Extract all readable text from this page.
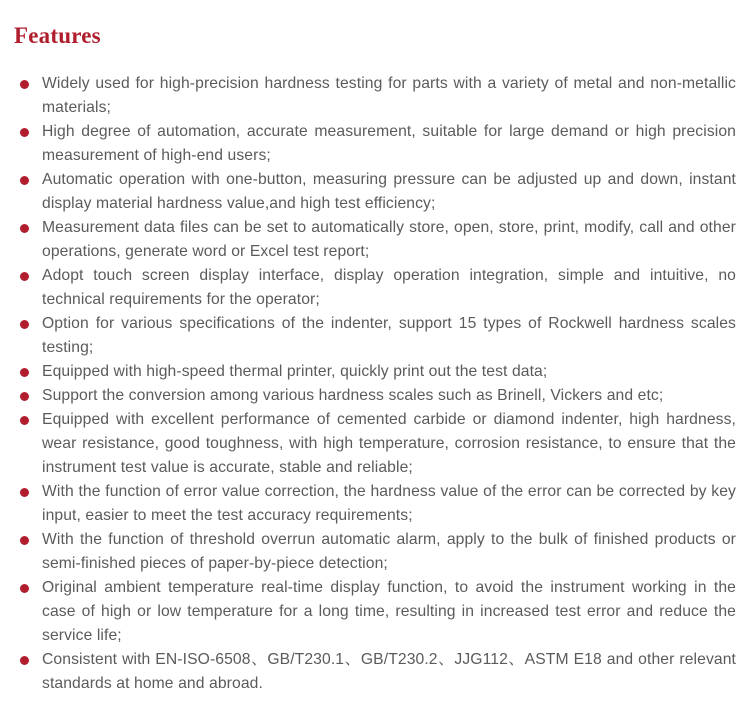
Features
Widely used for high-precision hardness testing for parts with a variety of metal and non-metallic materials;
High degree of automation, accurate measurement, suitable for large demand or high precision measurement of high-end users;
Automatic operation with one-button, measuring pressure can be adjusted up and down, instant display material hardness value,and high test efficiency;
Measurement data files can be set to automatically store, open, store, print, modify, call and other operations, generate word or Excel test report;
Adopt touch screen display interface, display operation integration, simple and intuitive, no technical requirements for the operator;
Option for various specifications of the indenter, support 15 types of Rockwell hardness scales testing;
Equipped with high-speed thermal printer, quickly print out the test data;
Support the conversion among various hardness scales such as Brinell, Vickers and etc;
Equipped with excellent performance of cemented carbide or diamond indenter, high hardness, wear resistance, good toughness, with high temperature, corrosion resistance, to ensure that the instrument test value is accurate, stable and reliable;
With the function of error value correction, the hardness value of the error can be corrected by key input, easier to meet the test accuracy requirements;
With the function of threshold overrun automatic alarm, apply to the bulk of finished products or semi-finished pieces of paper-by-piece detection;
Original ambient temperature real-time display function, to avoid the instrument working in the case of high or low temperature for a long time, resulting in increased test error and reduce the service life;
Consistent with EN-ISO-6508、GB/T230.1、GB/T230.2、JJG112、ASTM E18 and other relevant standards at home and abroad.
